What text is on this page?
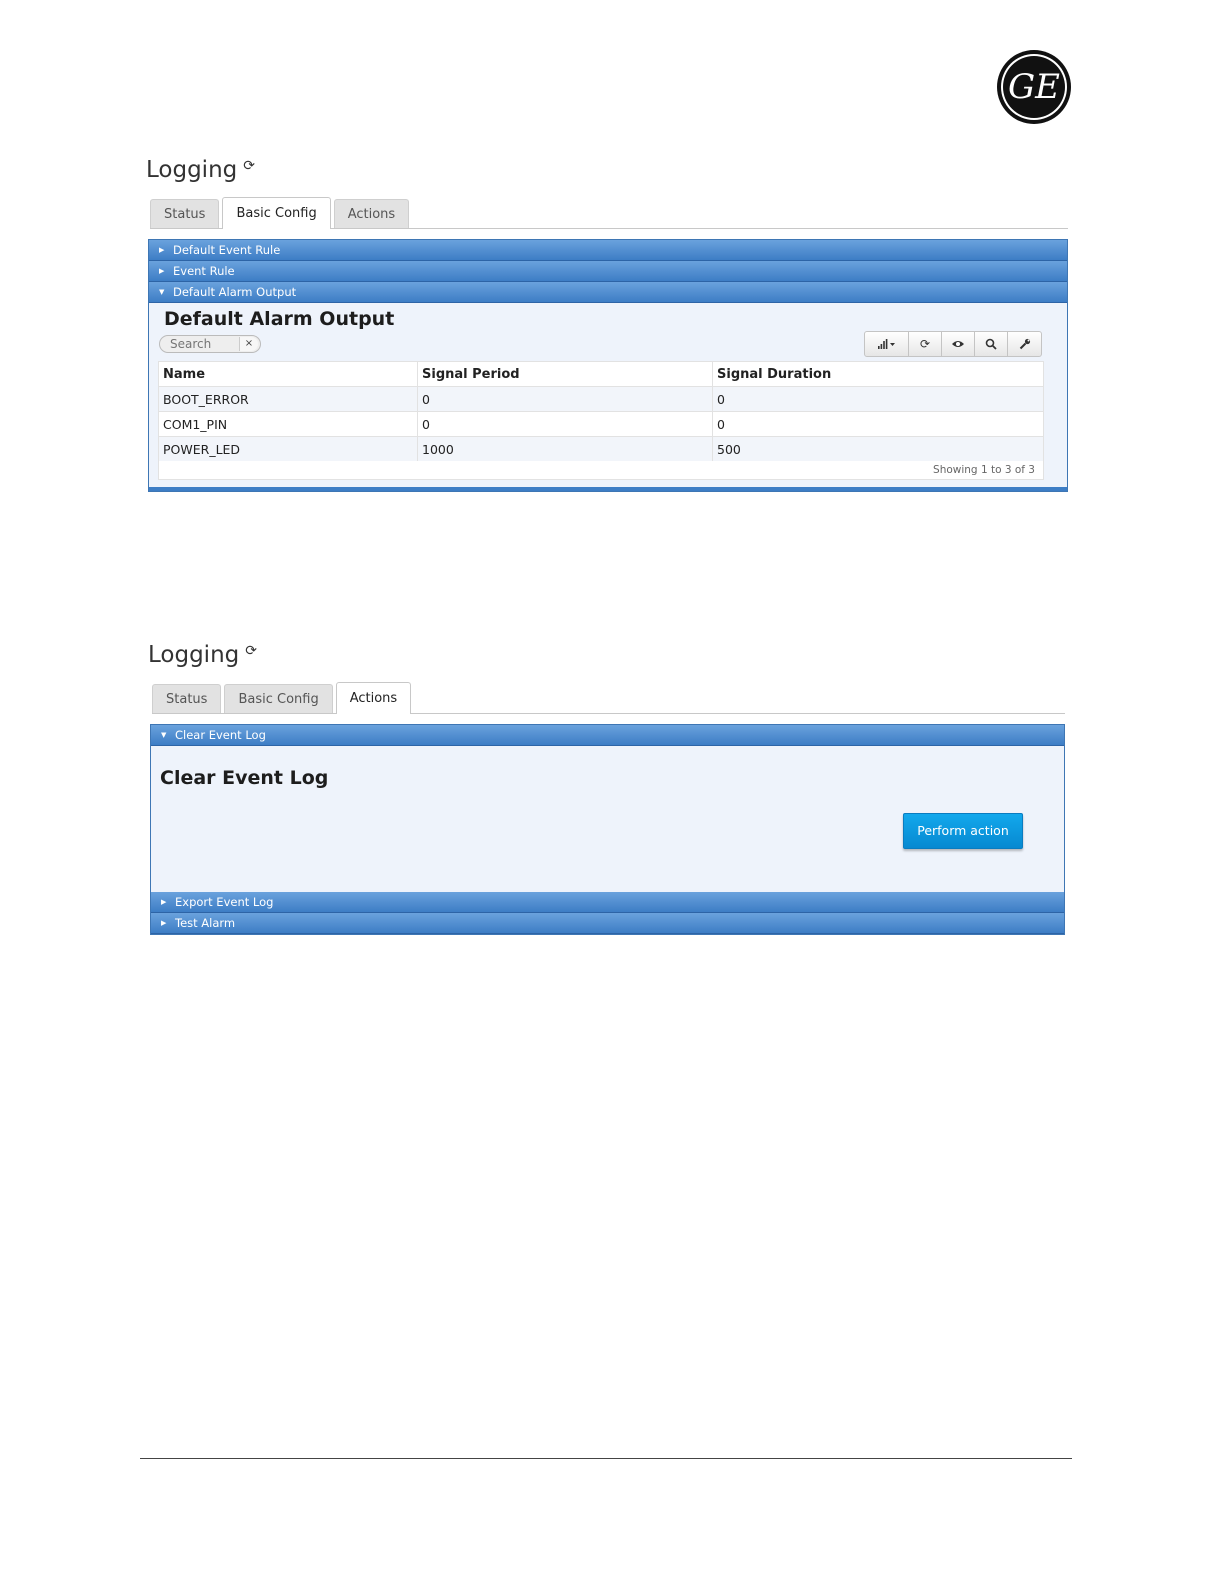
GE
Logging ⟳
Status	Basic Config	Actions
▶ Default Event Rule
▶ Event Rule
▼ Default Alarm Output
Default Alarm Output
Search
×	⟳
Name	Signal Period	Signal Duration
BOOT_ERROR	0	0
COM1_PIN	0	0
POWER_LED	1000	500
Showing 1 to 3 of 3
Logging ⟳
Status	Basic Config	Actions
▼ Clear Event Log
Clear Event Log
Perform action
▶ Export Event Log
▶ Test Alarm
